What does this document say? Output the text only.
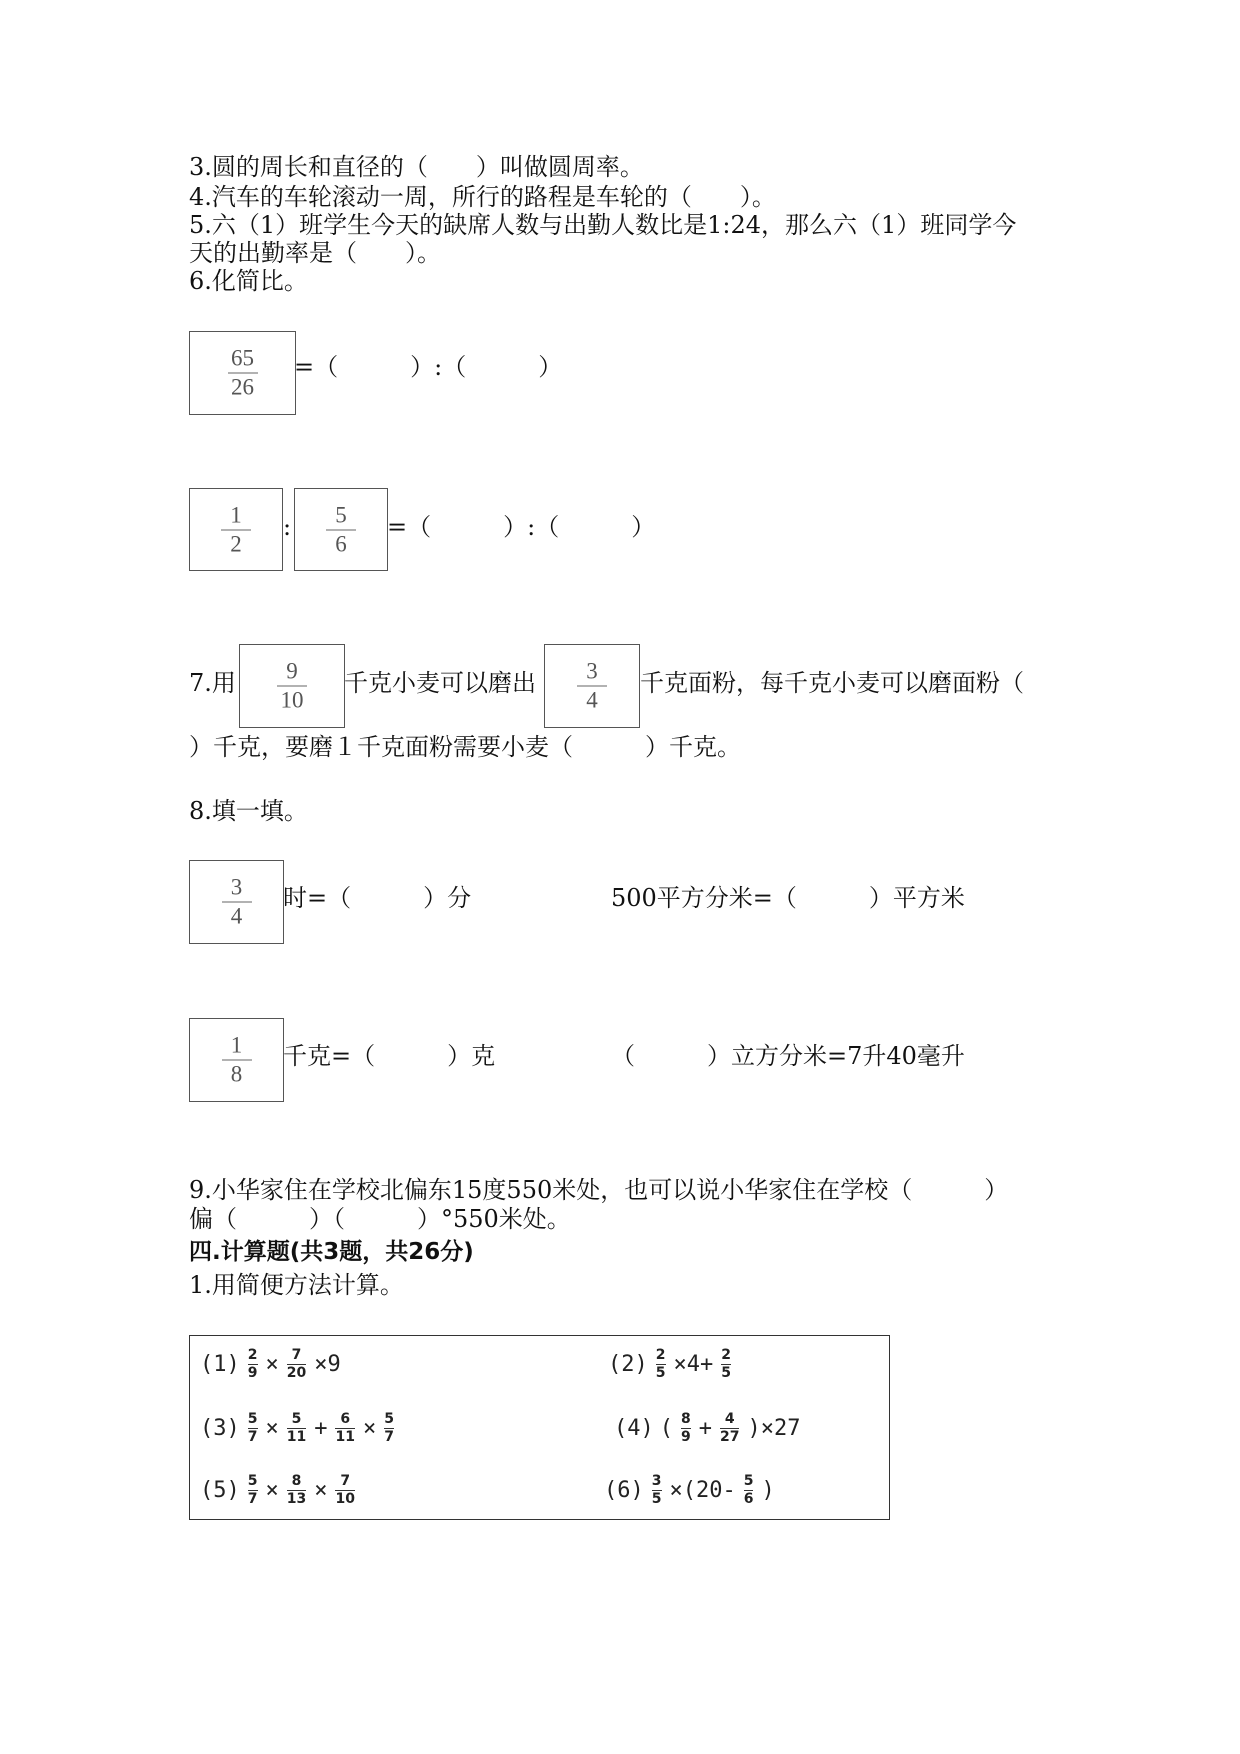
3.圆的周长和直径的（　　）叫做圆周率。
4.汽车的车轮滚动一周，所行的路程是车轮的（　　）。
5.六（1）班学生今天的缺席人数与出勤人数比是1:24，那么六（1）班同学今
天的出勤率是（　　）。
6.化简比。
65
26
=（　　　）:（　　　）
1
2
: 5
6
=（　　　）:（　　　）
7.用 9
10
千克小麦可以磨出 3
4
千克面粉，每千克小麦可以磨面粉（
）千克，要磨１千克面粉需要小麦（　　　）千克。
8.填一填。
3
4
时=（　　　）分	500平方分米=（　　　）平方米
1
8
千克=（　　　）克	（　　　）立方分米=7升40毫升
9.小华家住在学校北偏东15度550米处，也可以说小华家住在学校（　　　）
偏（　　　）（　　　）°550米处。
四.计算题(共3题，共26分)
1.用简便方法计算。
(1) 2
9 × 7
20 ×9	(2) 2
5 ×4+ 2
5
(3) 5
7 × 5
11 + 6
11 × 5
7	(4) ( 8
9 + 4
27 )×27
(5) 5
7 × 8
13 × 7
10	(6) 3
5 ×(20- 5
6 )
